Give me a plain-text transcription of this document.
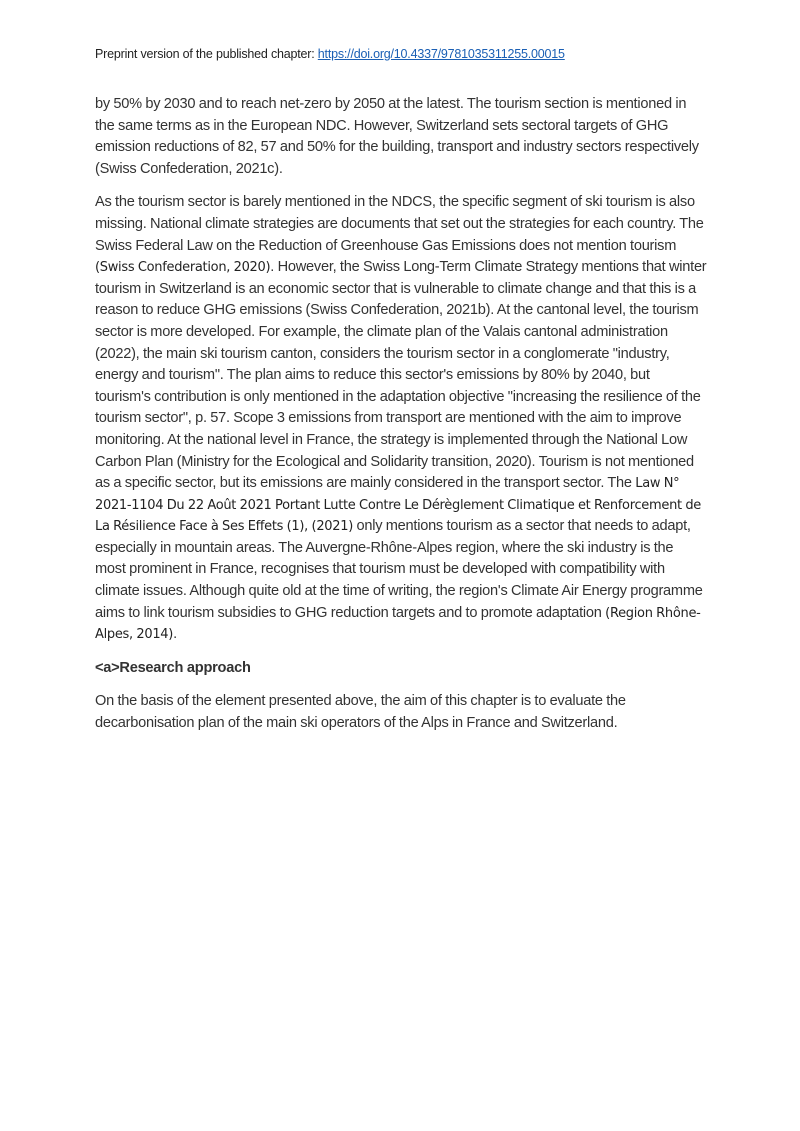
Preprint version of the published chapter: https://doi.org/10.4337/9781035311255.00015

by 50% by 2030 and to reach net-zero by 2050 at the latest. The tourism section is mentioned in the same terms as in the European NDC. However, Switzerland sets sectoral targets of GHG emission reductions of 82, 57 and 50% for the building, transport and industry sectors respectively (Swiss Confederation, 2021c).

As the tourism sector is barely mentioned in the NDCS, the specific segment of ski tourism is also missing. National climate strategies are documents that set out the strategies for each country. The Swiss Federal Law on the Reduction of Greenhouse Gas Emissions does not mention tourism (Swiss Confederation, 2020). However, the Swiss Long-Term Climate Strategy mentions that winter tourism in Switzerland is an economic sector that is vulnerable to climate change and that this is a reason to reduce GHG emissions (Swiss Confederation, 2021b). At the cantonal level, the tourism sector is more developed. For example, the climate plan of the Valais cantonal administration (2022), the main ski tourism canton, considers the tourism sector in a conglomerate "industry, energy and tourism". The plan aims to reduce this sector's emissions by 80% by 2040, but tourism's contribution is only mentioned in the adaptation objective "increasing the resilience of the tourism sector", p. 57. Scope 3 emissions from transport are mentioned with the aim to improve monitoring. At the national level in France, the strategy is implemented through the National Low Carbon Plan (Ministry for the Ecological and Solidarity transition, 2020). Tourism is not mentioned as a specific sector, but its emissions are mainly considered in the transport sector. The Law N° 2021-1104 Du 22 Août 2021 Portant Lutte Contre Le Dérèglement Climatique et Renforcement de La Résilience Face à Ses Effets (1), (2021) only mentions tourism as a sector that needs to adapt, especially in mountain areas. The Auvergne-Rhône-Alpes region, where the ski industry is the most prominent in France, recognises that tourism must be developed with compatibility with climate issues. Although quite old at the time of writing, the region's Climate Air Energy programme aims to link tourism subsidies to GHG reduction targets and to promote adaptation (Region Rhône-Alpes, 2014).

<a>Research approach

On the basis of the element presented above, the aim of this chapter is to evaluate the decarbonisation plan of the main ski operators of the Alps in France and Switzerland.
